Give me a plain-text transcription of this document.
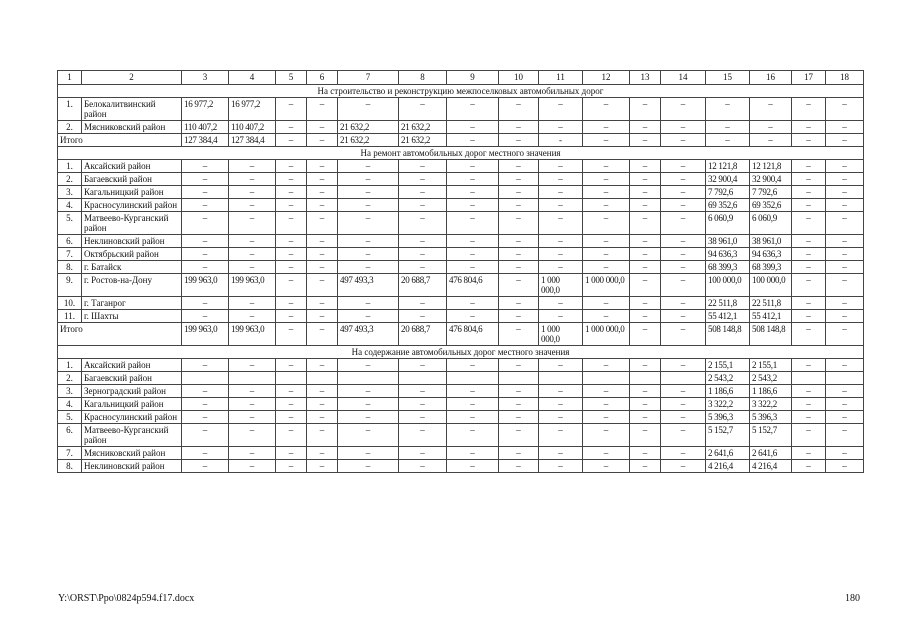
1	2	3	4	5	6	7	8	9	10	11	12	13	14	15	16	17	18
На строительство и реконструкцию межпоселковых автомобильных дорог																	
1.	Белокалитвинский район	16 977,2	16 977,2	–	–	–	–	–	–	–	–	–	–	–	–	–	–
2.	Мясниковский район	110 407,2	110 407,2	–	–	21 632,2	21 632,2	–	–	–	–	–	–	–	–	–	–
Итого		127 384,4	127 384,4	–	–	21 632,2	21 632,2	–	–	-	–	–	–	–	–	–	–
На ремонт автомобильных дорог местного значения																	
1.	Аксайский район	–	–	–	–	–	–	–	–	–	–	–	–	12 121,8	12 121,8	–	–
2.	Багаевский район	–	–	–	–	–	–	–	–	–	–	–	–	32 900,4	32 900,4	–	–
3.	Кагальницкий район	–	–	–	–	–	–	–	–	–	–	–	–	7 792,6	7 792,6	–	–
4.	Красносулинский район	–	–	–	–	–	–	–	–	–	–	–	–	69 352,6	69 352,6	–	–
5.	Матвеево-Курганский район	–	–	–	–	–	–	–	–	–	–	–	–	6 060,9	6 060,9	–	–
6.	Неклиновский район	–	–	–	–	–	–	–	–	–	–	–	–	38 961,0	38 961,0	–	–
7.	Октябрьский район	–	–	–	–	–	–	–	–	–	–	–	–	94 636,3	94 636,3	–	–
8.	г. Батайск	–	–	–	–	–	–	–	–	–	–	–	–	68 399,3	68 399,3	–	–
9.	г. Ростов-на-Дону	199 963,0	199 963,0	–	–	497 493,3	20 688,7	476 804,6	–	1 000 000,0	1 000 000,0	–	–	100 000,0	100 000,0	–	–
10.	г. Таганрог	–	–	–	–	–	–	–	–	–	–	–	–	22 511,8	22 511,8	–	–
11.	г. Шахты	–	–	–	–	–	–	–	–	–	–	–	–	55 412,1	55 412,1	–	–
Итого		199 963,0	199 963,0	–	–	497 493,3	20 688,7	476 804,6	–	1 000 000,0	1 000 000,0	–	–	508 148,8	508 148,8	–	–
На содержание автомобильных дорог местного значения																	
1.	Аксайский район	–	–	–	–	–	–	–	–	–	–	–	–	2 155,1	2 155,1	–	–
2.	Багаевский район													2 543,2	2 543,2		
3.	Зерноградский район	–	–	–	–	–	–	–	–	–	–	–	–	1 186,6	1 186,6	–	–
4.	Кагальницкий район	–	–	–	–	–	–	–	–	–	–	–	–	3 322,2	3 322,2	–	–
5.	Красносулинский район	–	–	–	–	–	–	–	–	–	–	–	–	5 396,3	5 396,3	–	–
6.	Матвеево-Курганский район	–	–	–	–	–	–	–	–	–	–	–	–	5 152,7	5 152,7	–	–
7.	Мясниковский район	–	–	–	–	–	–	–	–	–	–	–	–	2 641,6	2 641,6	–	–
8.	Неклиновский район	–	–	–	–	–	–	–	–	–	–	–	–	4 216,4	4 216,4	–	–
Y:\ORST\Ppo\0824p594.f17.docx	180
